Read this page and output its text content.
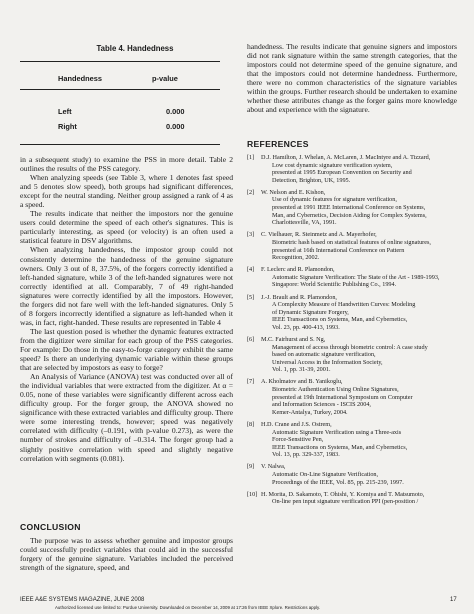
Table 4. Handedness
Handedness	p-value
Left	0.000
Right	0.000

in a subsequent study) to examine the PSS in more detail. Table 2 outlines the results of the PSS category.

When analyzing speeds (see Table 3, where 1 denotes fast speed and 5 denotes slow speed), both groups had significant differences, except for the neutral standing. Neither group assigned a rank of 4 as a speed.

The results indicate that neither the impostors nor the genuine users could determine the speed of each other's signatures. This is particularly interesting, as speed (or velocity) is an often used a statistical feature in DSV algorithms.

When analyzing handedness, the impostor group could not consistently determine the handedness of the genuine signature owners. Only 3 out of 8, 37.5%, of the forgers correctly identified a left-handed signature, while 3 of the left-handed signatures were not correctly identified at all. Comparably, 7 of 49 right-handed signatures were correctly identified by all the impostors. However, the forgers did not fare well with the left-handed signatures. Only 5 of 8 forgers incorrectly identified a signature as left-handed when it was, in fact, right-handed. These results are represented in Table 4

The last question posed is whether the dynamic features extracted from the digitizer were similar for each group of the PSS categories. For example: Do those in the easy-to-forge category exhibit the same speed? Is there an underlying dynamic variable within these groups that are selected by impostors as easy to forge?

An Analysis of Variance (ANOVA) test was conducted over all of the individual variables that were extracted from the digitizer. At α = 0.05, none of these variables were significantly different across each difficulty group. For the forger group, the ANOVA showed no significance with these extracted variables and difficulty group. There were some interesting trends, however; speed was negatively correlated with difficulty (–0.191, with p-value 0.273), as were the number of strokes and difficulty of –0.314. The forger group had a slightly positive correlation with speed and slightly negative correlation with segments (0.081).

CONCLUSION

The purpose was to assess whether genuine and impostor groups could successfully predict variables that could aid in the successful forgery of the genuine signature. Variables included the perceived strength of the signature, speed, and

handedness. The results indicate that genuine signers and impostors did not rank signature within the same strength categories, that the impostors could not determine speed of the genuine signature, and that the impostors could not determine handedness. Furthermore, there were no common characteristics of the signature variables within the groups. Further research should be undertaken to examine whether these attributes change as the forger gains more knowledge about and experience with the signature.

REFERENCES

[1] D.J. Hamilton, J. Whelan, A. McLaren, J. MacIntyre and A. Tizzard,
Low cost dynamic signature verification system,
presented at 1995 European Convention on Security and
Detection, Brighton, UK, 1995.
[2] W. Nelson and E. Kishon,
Use of dynamic features for signature verification,
presented at 1991 IEEE International Conference on Systems,
Man, and Cybernetics, Decision Aiding for Complex Systems,
Charlottesville, VA, 1991.
[3] C. Vielhauer, R. Steinmetz and A. Mayerhofer,
Biometric hash based on statistical features of online signatures,
presented at 16th International Conference on Pattern
Recognition, 2002.
[4] F. Leclerc and R. Plamondon,
Automatic Signature Verification: The State of the Art - 1989-1993,
Singapore: World Scientific Publishing Co., 1994.
[5] J.-J. Brault and R. Plamondon,
A Complexity Measure of Handwritten Curves: Modeling
of Dynamic Signature Forgery,
IEEE Transactions on Systems, Man, and Cybernetics,
Vol. 23, pp. 400-413, 1993.
[6] M.C. Fairhurst and S. Ng,
Management of access through biometric control: A case study
based on automatic signature verification,
Universal Access in the Information Society,
Vol. 1, pp. 31-39, 2001.
[7] A. Kholmatov and B. Yanikoglu,
Biometric Authentication Using Online Signatures,
presented at 19th International Symposium on Computer
and Information Sciences - ISCIS 2004,
Kemer-Antalya, Turkey, 2004.
[8] H.D. Crane and J.S. Ostrem,
Automatic Signature Verification using a Three-axis
Force-Sensitive Pen,
IEEE Transactions on Systems, Man, and Cybernetics,
Vol. 13, pp. 329-337, 1983.
[9] V. Nalwa,
Automatic On-Line Signature Verification,
Proceedings of the IEEE, Vol. 85, pp. 215-239, 1997.
[10] H. Morita, D. Sakamoto, T. Ohishi, Y. Komiya and T. Matsumoto,
On-line pen input signature verification PPI (pen-position /
IEEE A&E SYSTEMS MAGAZINE, JUNE 2008	17
Authorized licensed use limited to: Purdue University. Downloaded on December 14, 2009 at 17:26 from IEEE Xplore. Restrictions apply.
